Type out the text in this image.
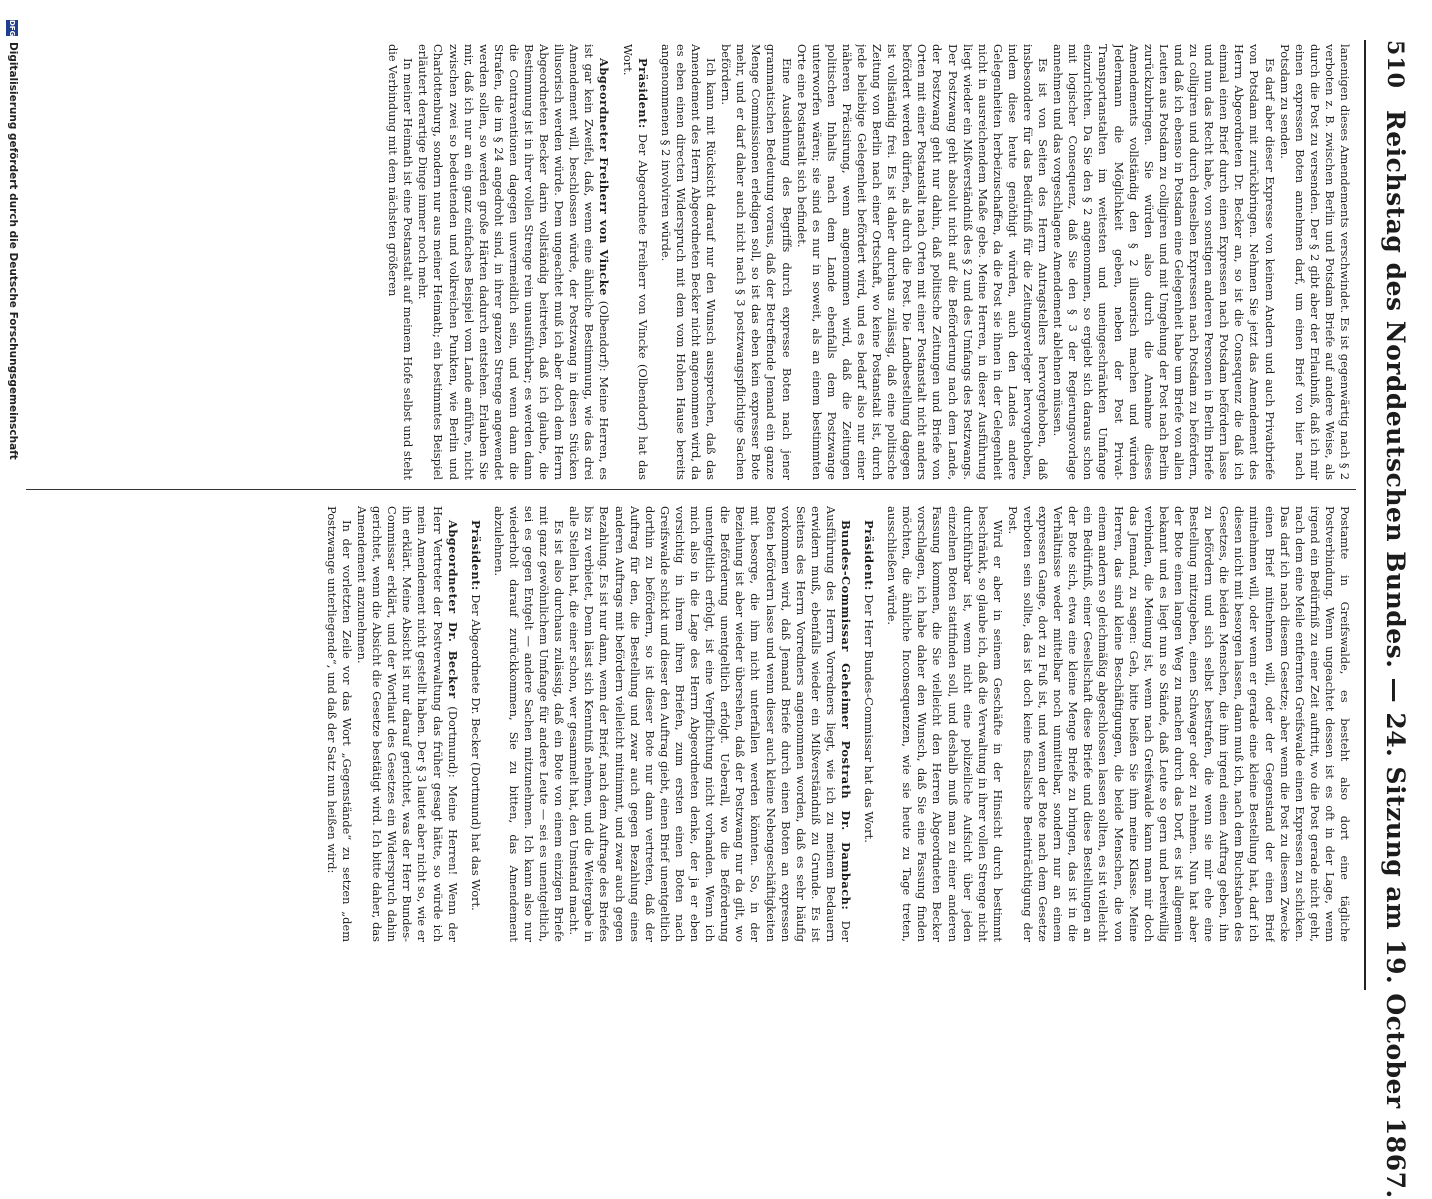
510
Reichstag des Norddeutschen Bundes. — 24. Sitzung am 19. October 1867.

lanenigen dieses Amendements verschwindet. Es ist gegenwärtig nach § 2 verboten z. B. zwischen Berlin und Potsdam Briefe auf andere Weise, als durch die Post zu versenden. Der § 2 gibt aber der Erlaubniß, daß ich mir einen expressen Boten annehmen darf, um einen Brief von hier nach Potsdam zu senden.

Es darf aber dieser Expresse von keinem Andern und auch Privatbriefe von Potsdam mit zurückbringen. Nehmen Sie jetzt das Amendement des Herrn Abgeordneten Dr. Becker an, so ist die Consequenz die daß ich einmal einen Brief durch einen Expressen nach Potsdam befördern lasse und nun das Recht habe, von sonstigen anderen Personen in Berlin Briefe zu colligiren und durch denselben Expressen nach Potsdam zu befördern, und daß ich ebenso in Potsdam eine Gelegenheit habe um Briefe von allen Leuten aus Potsdam zu colligiren und mit Umgehung der Post nach Berlin zurückzubringen. Sie würden also durch die Annahme dieses Amendements vollständig den § 2 illusorisch machen und würden Jedermann die Möglichkeit geben, neben der Post Privat-Transportanstalten im weitesten und uneingeschränkten Umfange einzurichten. Da Sie den § 2 angenommen, so ergiebt sich daraus schon mit logischer Consequenz, daß Sie den § 3 der Regierungsvorlage annehmen und das vorgeschlagene Amendement ablehnen müssen.

Es ist von Seiten des Herrn Antragstellers hervorgehoben, daß insbesondere für das Bedürfniß für die Zeitungsverleger hervorgehoben, indem diese heute genöthigt würden, auch den Landes andere Gelegenheiten herbeizuschaffen, da die Post sie ihnen in der Gelegenheit nicht in ausreichendem Maße gebe. Meine Herren, in dieser Ausführung liegt wieder ein Mißverständniß des § 2 und des Umfangs des Postzwangs. Der Postzwang geht absolut nicht auf die Beförderung nach dem Lande, der Postzwang geht nur dahin, daß politische Zeitungen und Briefe von Orten mit einer Postanstalt nach Orten mit einer Postanstalt nicht anders befördert werden dürfen, als durch die Post. Die Landbestellung dagegen ist vollständig frei. Es ist daher durchaus zulässig, daß eine politische Zeitung von Berlin nach einer Ortschaft, wo keine Postanstalt ist, durch jede beliebige Gelegenheit befördert wird, und es bedarf also nur einer näheren Präcisirung, wenn angenommen wird, daß die Zeitungen politischen Inhalts nach dem Lande ebenfalls dem Postzwange unterworfen wären; sie sind es nur in soweit, als an einem bestimmten Orte eine Postanstalt sich befindet.

Eine Ausdehnung des Begriffs durch expresse Boten nach jener grammatischen Bedeutung voraus, daß der Betreffende Jemand ein ganze Menge Commissionen erledigen soll, so ist das eben kein expresser Bote mehr, und er darf daher auch nicht nach § 3 postzwangspflichtige Sachen befördern.

Ich kann mit Rücksicht darauf nur den Wunsch aussprechen, daß das Amendement des Herrn Abgeordneten Becker nicht angenommen wird, da es eben einen directen Widerspruch mit dem vom Hohen Hause bereits angenommenen § 2 involviren würde.

Präsident: Der Abgeordnete Freiherr von Vincke (Olbendorf) hat das Wort.

Abgeordneter Freiherr von Vincke (Olbendorf): Meine Herren, es ist gar kein Zweifel, daß, wenn eine ähnliche Bestimmung, wie das drei Amendement will, beschlossen würde, der Postzwang in diesen Stücken illusorisch werden würde. Dem ungeachtet muß ich aber doch dem Herrn Abgeordneten Becker darin vollständig beitreten, daß ich glaube, die Bestimmung ist in ihrer vollen Strenge rein unausführbar; es werden dann die Contraventionen dagegen unvermeidlich sein, und wenn dann die Strafen, die im § 24 angedroht sind, in ihrer ganzen Strenge angewendet werden sollen, so werden große Härten dadurch entstehen. Erlauben Sie mir, daß ich nur an ein ganz einfaches Beispiel vom Lande anführe, nicht zwischen zwei so bedeutenden und volkreichen Punkten, wie Berlin und Charlottenburg, sondern nur aus meiner Heimath; ein bestimmtes Beispiel erläutert derartige Dinge immer noch mehr.

In meiner Heimath ist eine Postanstalt auf meinem Hofe selbst und steht die Verbindung mit dem nächsten größeren

Postamte in Greifswalde, es besteht also dort eine tägliche Postverbindung. Wenn ungeachtet dessen ist es oft in der Lage, wenn irgend ein Bedürfniß zu einer Zeit auftritt, wo die Post gerade nicht geht, nach dem eine Meile entfernten Greifswalde einen Expressen zu schicken. Das darf ich nach diesem Gesetze; aber wenn die Post zu diesem Zwecke einen Brief mitnehmen will, oder der Gegenstand der einen Brief mitnehmen will, oder wenn er gerade eine kleine Bestellung hat, darf ich diesen nicht mit besorgen lassen, dann muß ich, nach dem Buchstaben des Gesetzes, die beiden Menschen, die ihm irgend einen Auftrag geben, ihn zu befördern und sich selbst bestrafen, die wenn sie mir ehe eine Bestellung mitzugeben, einen Schwager oder zu nehmen. Nun hat aber der Bote einen langen Weg zu machen durch das Dorf, es ist allgemein bekannt und es liegt nun so Stände, daß Leute so gern und bereitwillig verbinden, die Meinung ist, wenn nach Greifswalde kann man mir doch das Jemand, zu sagen: Geh, bitte beißen Sie ihm meine Klasse. Meine Herren, das sind kleine Beschäftigungen, die beide Menschen, die von einem andern so gleichmäßig abgeschlossen lassen sollten, es ist vielleicht ein Bedürfniß, einer Gesellschaft diese Briefe und diese Bestellungen an der Bote sich, etwa eine kleine Menge Briefe zu bringen, das ist in die Verhältnisse weder mittelbar noch unmittelbar, sondern nur an einem expressen Gange, dort zu Fuß ist, und wenn der Bote nach dem Gesetze verboten sein sollte, das ist doch keine fiscalische Beeinträchtigung der Post.

Wird er aber in seinem Geschäfte in der Hinsicht durch bestimmt beschränkt, so glaube ich, daß die Verwaltung in ihrer vollen Strenge nicht durchführbar ist, wenn nicht eine polizeiliche Aufsicht über jeden einzelnen Boten stattfinden soll, und deshalb muß man zu einer anderen Fassung kommen, die Sie vielleicht den Herren Abgeordneten Becker vorschlagen, ich habe daher den Wunsch, daß Sie eine Fassung finden möchten, die ähnliche Inconsequenzen, wie sie heute zu Tage treten, ausschließen würde.

Präsident: Der Herr Bundes-Commissar hat das Wort.

Bundes-Commissar Geheimer Postrath Dr. Dambach: Der Ausführung des Herrn Vorredners liegt, wie ich zu meinem Bedauern erwidern muß, ebenfalls wieder ein Mißverständniß zu Grunde. Es ist Seitens des Herrn Vorredners angenommen worden, daß es sehr häufig vorkommen wird, daß Jemand Briefe durch einen Boten an expressen Boten befördern lasse und wenn dieser auch kleine Nebengeschäftigkeiten mit besorge, die ihm nicht unterfallen werden könnten. So, in der Beziehung ist aber wieder übersehen, daß der Postzwang nur da gilt, wo die Beförderung unentgeltlich erfolgt. Ueberall, wo die Beförderung unentgeltlich erfolgt, ist eine Verpflichtung nicht vorhanden. Wenn ich mich also in die Lage des Herrn Abgeordneten denke, der ja er eben vorsichtig in ihrem ihren Briefen, zum ersten einen Boten nach Greifswalde schickt und dieser den Auftrag giebt, einen Brief unentgeltlich dorthin zu befördern, so ist dieser Bote nur dann vertreten, daß der Auftrag für den, die Bestellung und zwar auch gegen Bezahlung eines anderen Auftrags mit befördern vielleicht mitnimmt, und zwar auch gegen Bezahlung. Es ist nur dann, wenn der Brief, nach dem Auftrage des Briefes bis zu verbietet, Denn lässt sich Kenntniß nehmen, und die Weitergabe in alle Stellen hat, die einer schon, wer gesammelt hat, den Umstand macht.

Es ist also durchaus zulässig, daß ein Bote von einem einzigen Briefe mit ganz gewöhnlichem Umfange für andere Leute — sei es unentgeltlich, sei es gegen Entgelt — andere Sachen mitzunehmen. Ich kann also nur wiederholt darauf zurückkommen, Sie zu bitten, das Amendement abzulehnen.

Präsident: Der Abgeordnete Dr. Becker (Dortmund) hat das Wort.

Abgeordneter Dr. Becker (Dortmund): Meine Herren! Wenn der Herr Vertreter der Postverwaltung das früher gesagt hätte, so würde ich mein Amendement nicht gestellt haben. Der § 3 lautet aber nicht so, wie er ihn erklärt. Meine Absicht ist nur darauf gerichtet, was der Herr Bundes-Commissar erklärt, und der Wortlaut des Gesetzes ein Widerspruch dahin gerichtet, wenn die Absicht die Gesetze bestätigt wird. Ich bitte daher, das Amendement anzunehmen.

In der vorletzten Zeile vor das Wort „Gegenstände“ zu setzen „dem Postzwange unterliegende“, und daß der Satz nun heißen wird:

DFG
Digitalisierung gefördert durch die Deutsche Forschungsgemeinschaft
